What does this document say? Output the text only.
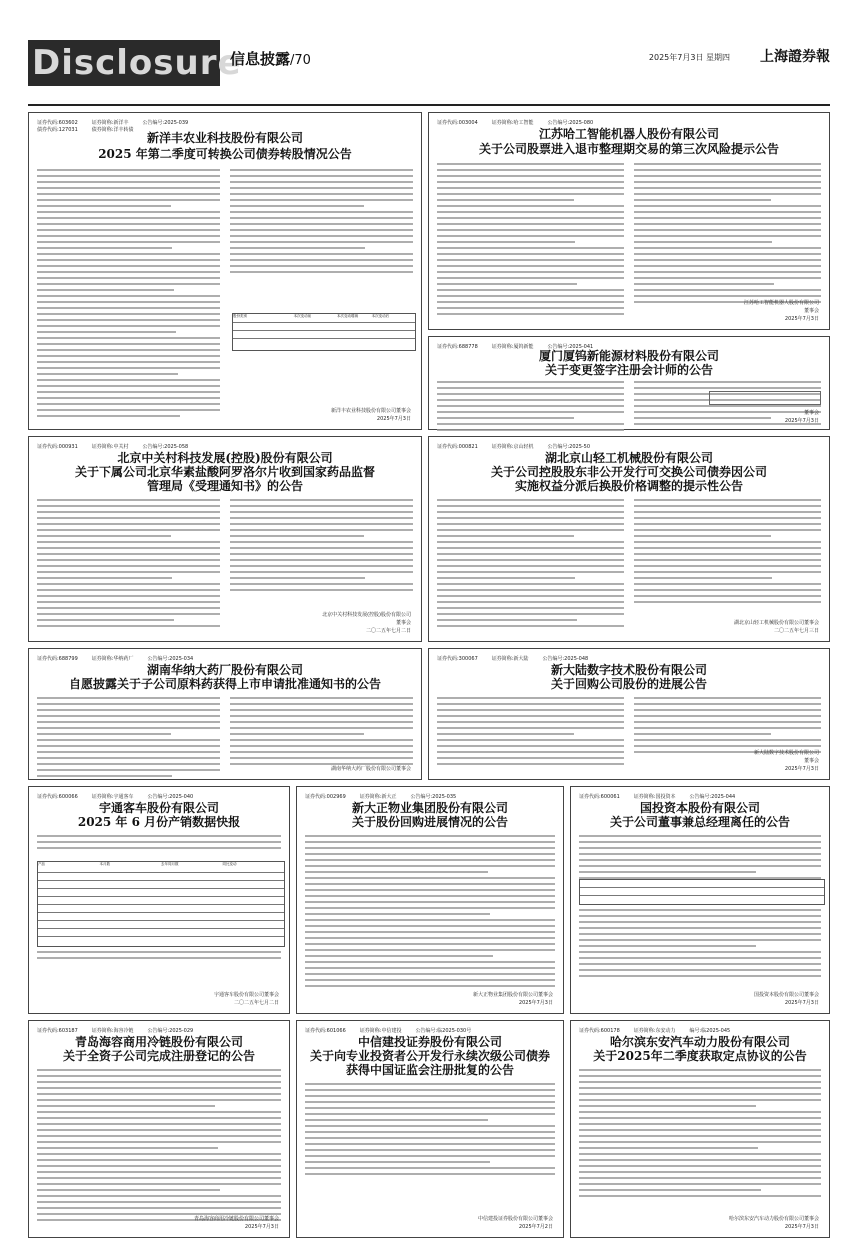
Disclosure
信息披露/70	2025年7月3日 星期四 上海證券報
证券代码:603602	证券简称:新洋丰	公告编号:2025-039
债券代码:127031	债券简称:洋丰转债
新洋丰农业科技股份有限公司
2025 年第二季度可转换公司债券转股情况公告
股份类别	本次变动前	本次变动增减	本次变动后
新洋丰农业科技股份有限公司董事会
2025年7月3日
证券代码:003004	证券简称:哈工智能	公告编号:2025-080
江苏哈工智能机器人股份有限公司
关于公司股票进入退市整理期交易的第三次风险提示公告
江苏哈工智能机器人股份有限公司
董事会
2025年7月3日
证券代码:688778	证券简称:厦钨新能	公告编号:2025-041
厦门厦钨新能源材料股份有限公司
关于变更签字注册会计师的公告
董事会
2025年7月3日
证券代码:000931	证券简称:中关村	公告编号:2025-058
北京中关村科技发展(控股)股份有限公司
关于下属公司北京华素盐酸阿罗洛尔片收到国家药品监督
管理局《受理通知书》的公告
北京中关村科技发展(控股)股份有限公司
董事会
二〇二五年七月二日
证券代码:000821	证券简称:京山轻机	公告编号:2025-50
湖北京山轻工机械股份有限公司
关于公司控股股东非公开发行可交换公司债券因公司
实施权益分派后换股价格调整的提示性公告
湖北京山轻工机械股份有限公司董事会
二〇二五年七月三日
证券代码:688799	证券简称:华纳药厂	公告编号:2025-034
湖南华纳大药厂股份有限公司
自愿披露关于子公司原料药获得上市申请批准通知书的公告
湖南华纳大药厂股份有限公司董事会
证券代码:300067	证券简称:新大陆	公告编号:2025-048
新大陆数字技术股份有限公司
关于回购公司股份的进展公告
新大陆数字技术股份有限公司
董事会
2025年7月3日
证券代码:600066	证券简称:宇通客车	公告编号:2025-040
宇通客车股份有限公司
2025 年 6 月份产销数据快报
产品	本月数	去年同月数	同比变动
宇通客车股份有限公司董事会
二〇二五年七月二日
证券代码:002969	证券简称:新大正	公告编号:2025-035
新大正物业集团股份有限公司
关于股份回购进展情况的公告
新大正物业集团股份有限公司董事会
2025年7月3日
证券代码:600061	证券简称:国投资本	公告编号:2025-044
国投资本股份有限公司
关于公司董事兼总经理离任的公告
国投资本股份有限公司董事会
2025年7月3日
证券代码:603187	证券简称:海容冷链	公告编号:2025-029
青岛海容商用冷链股份有限公司
关于全资子公司完成注册登记的公告
青岛海容商用冷链股份有限公司董事会
2025年7月3日
证券代码:601066	证券简称:中信建投	公告编号:临2025-030号
中信建投证券股份有限公司
关于向专业投资者公开发行永续次级公司债券
获得中国证监会注册批复的公告
中信建投证券股份有限公司董事会
2025年7月2日
证券代码:600178	证券简称:东安动力	编号:临2025-045
哈尔滨东安汽车动力股份有限公司
关于2025年二季度获取定点协议的公告
哈尔滨东安汽车动力股份有限公司董事会
2025年7月3日
